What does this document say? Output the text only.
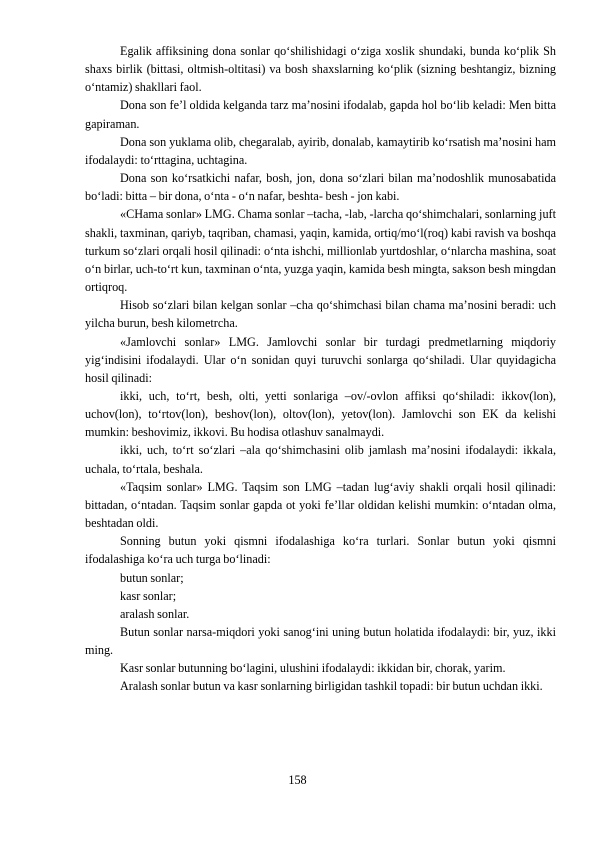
Egalik affiksining dona sonlar qo‘shilishidagi o‘ziga xoslik shundaki, bunda ko‘plik Sh shaxs birlik (bittasi, oltmish-oltitasi) va bosh shaxslarning ko‘plik (sizning beshtangiz, bizning o‘ntamiz) shakllari faol.

Dona son fe’l oldida kelganda tarz ma’nosini ifodalab, gapda hol bo‘lib keladi: Men bitta gapiraman.

Dona son yuklama olib, chegaralab, ayirib, donalab, kamaytirib ko‘rsatish ma’nosini ham ifodalaydi: to‘rttagina, uchtagina.

Dona son ko‘rsatkichi nafar, bosh, jon, dona so‘zlari bilan ma’nodoshlik munosabatida bo‘ladi: bitta – bir dona, o‘nta - o‘n nafar, beshta- besh - jon kabi.

«CHama sonlar» LMG. Chama sonlar –tacha, -lab, -larcha qo‘shimchalari, sonlarning juft shakli, taxminan, qariyb, taqriban, chamasi, yaqin, kamida, ortiq/mo‘l(roq) kabi ravish va boshqa turkum so‘zlari orqali hosil qilinadi: o‘nta ishchi, millionlab yurtdoshlar, o‘nlarcha mashina, soat o‘n birlar, uch-to‘rt kun, taxminan o‘nta, yuzga yaqin, kamida besh mingta, sakson besh mingdan ortiqroq.

Hisob so‘zlari bilan kelgan sonlar –cha qo‘shimchasi bilan chama ma’nosini beradi: uch yilcha burun, besh kilometrcha.

«Jamlovchi sonlar» LMG. Jamlovchi sonlar bir turdagi predmetlarning miqdoriy yig‘indisini ifodalaydi. Ular o‘n sonidan quyi turuvchi sonlarga qo‘shiladi. Ular quyidagicha hosil qilinadi:

ikki, uch, to‘rt, besh, olti, yetti sonlariga –ov/-ovlon affiksi qo‘shiladi: ikkov(lon), uchov(lon), to‘rtov(lon), beshov(lon), oltov(lon), yetov(lon). Jamlovchi son EK da kelishi mumkin: beshovimiz, ikkovi. Bu hodisa otlashuv sanalmaydi.

ikki, uch, to‘rt so‘zlari –ala qo‘shimchasini olib jamlash ma’nosini ifodalaydi: ikkala, uchala, to‘rtala, beshala.

«Taqsim sonlar» LMG. Taqsim son LMG –tadan lug‘aviy shakli orqali hosil qilinadi: bittadan, o‘ntadan. Taqsim sonlar gapda ot yoki fe’llar oldidan kelishi mumkin: o‘ntadan olma, beshtadan oldi.

Sonning butun yoki qismni ifodalashiga ko‘ra turlari. Sonlar butun yoki qismni ifodalashiga ko‘ra uch turga bo‘linadi:

butun sonlar;

kasr sonlar;

aralash sonlar.

Butun sonlar narsa-miqdori yoki sanog‘ini uning butun holatida ifodalaydi: bir, yuz, ikki ming.

Kasr sonlar butunning bo‘lagini, ulushini ifodalaydi: ikkidan bir, chorak, yarim.

Aralash sonlar butun va kasr sonlarning birligidan tashkil topadi: bir butun uchdan ikki.

158
